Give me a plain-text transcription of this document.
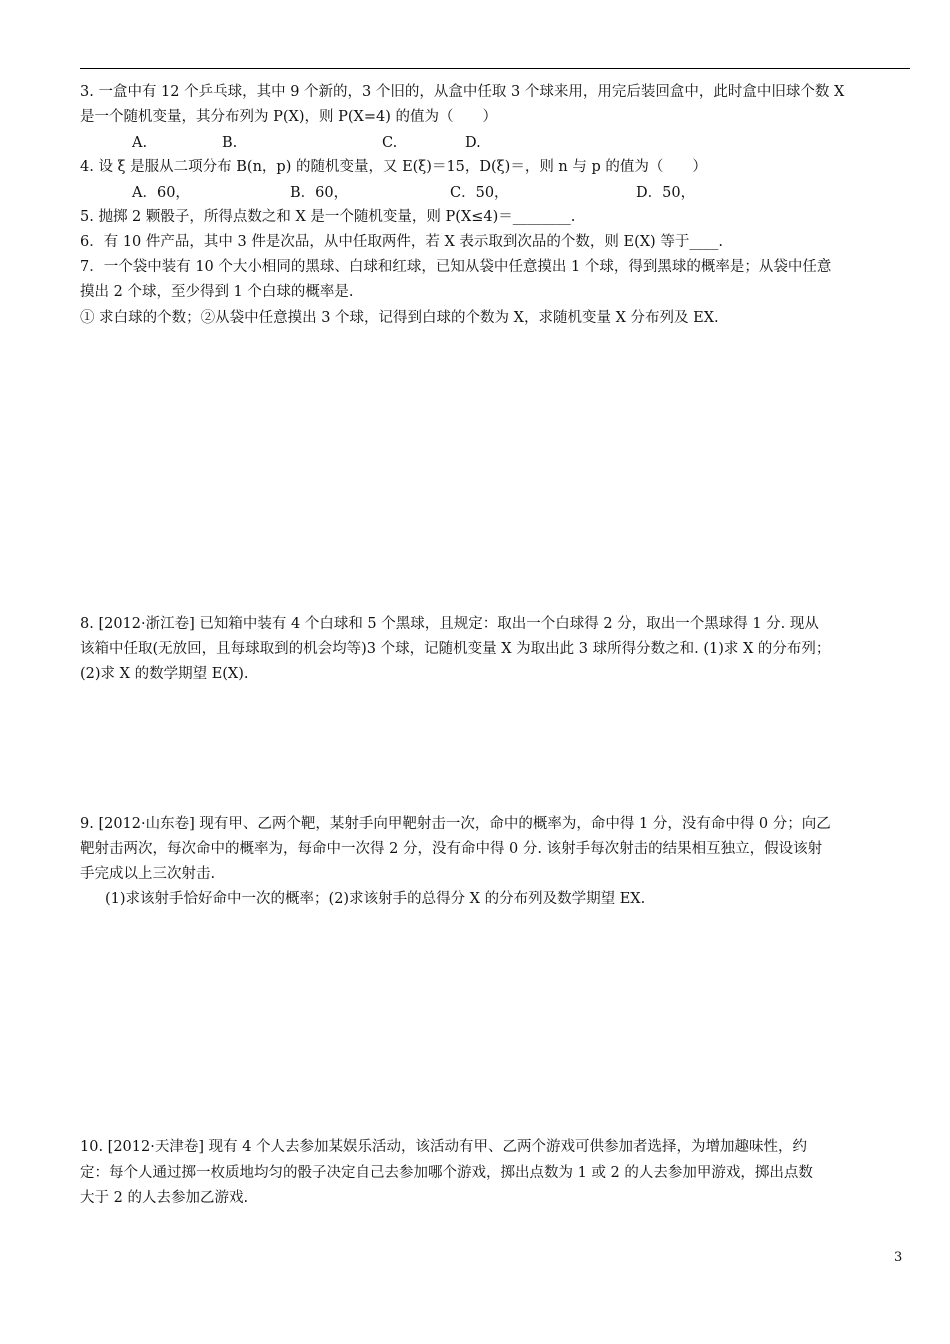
3. 一盒中有 12 个乒乓球，其中 9 个新的，3 个旧的，从盒中任取 3 个球来用，用完后装回盒中，此时盒中旧球个数 X
是一个随机变量，其分布列为 P(X)，则 P(X=4) 的值为（　　）
A.	B.	C.	D.
4. 设 ξ 是服从二项分布 B(n，p) 的随机变量，又 E(ξ)＝15，D(ξ)＝，则 n 与 p 的值为（　　）
A．60，	B．60，	C．50，	D．50，
5. 抛掷 2 颗骰子，所得点数之和 X 是一个随机变量，则 P(X≤4)＝________.
6．有 10 件产品，其中 3 件是次品，从中任取两件，若 X 表示取到次品的个数，则 E(X) 等于____.
7．一个袋中装有 10 个大小相同的黑球、白球和红球，已知从袋中任意摸出 1 个球，得到黑球的概率是；从袋中任意
摸出 2 个球，至少得到 1 个白球的概率是.
① 求白球的个数；②从袋中任意摸出 3 个球，记得到白球的个数为 X，求随机变量 X 分布列及 EX.
8. [2012·浙江卷] 已知箱中装有 4 个白球和 5 个黑球，且规定：取出一个白球得 2 分，取出一个黑球得 1 分. 现从
该箱中任取(无放回，且每球取到的机会均等)3 个球，记随机变量 X 为取出此 3 球所得分数之和. (1)求 X 的分布列；
(2)求 X 的数学期望 E(X).
9. [2012·山东卷] 现有甲、乙两个靶，某射手向甲靶射击一次，命中的概率为，命中得 1 分，没有命中得 0 分；向乙
靶射击两次，每次命中的概率为，每命中一次得 2 分，没有命中得 0 分. 该射手每次射击的结果相互独立，假设该射
手完成以上三次射击.
(1)求该射手恰好命中一次的概率；(2)求该射手的总得分 X 的分布列及数学期望 EX.
10. [2012·天津卷] 现有 4 个人去参加某娱乐活动，该活动有甲、乙两个游戏可供参加者选择，为增加趣味性，约
定：每个人通过掷一枚质地均匀的骰子决定自己去参加哪个游戏，掷出点数为 1 或 2 的人去参加甲游戏，掷出点数
大于 2 的人去参加乙游戏.
3
